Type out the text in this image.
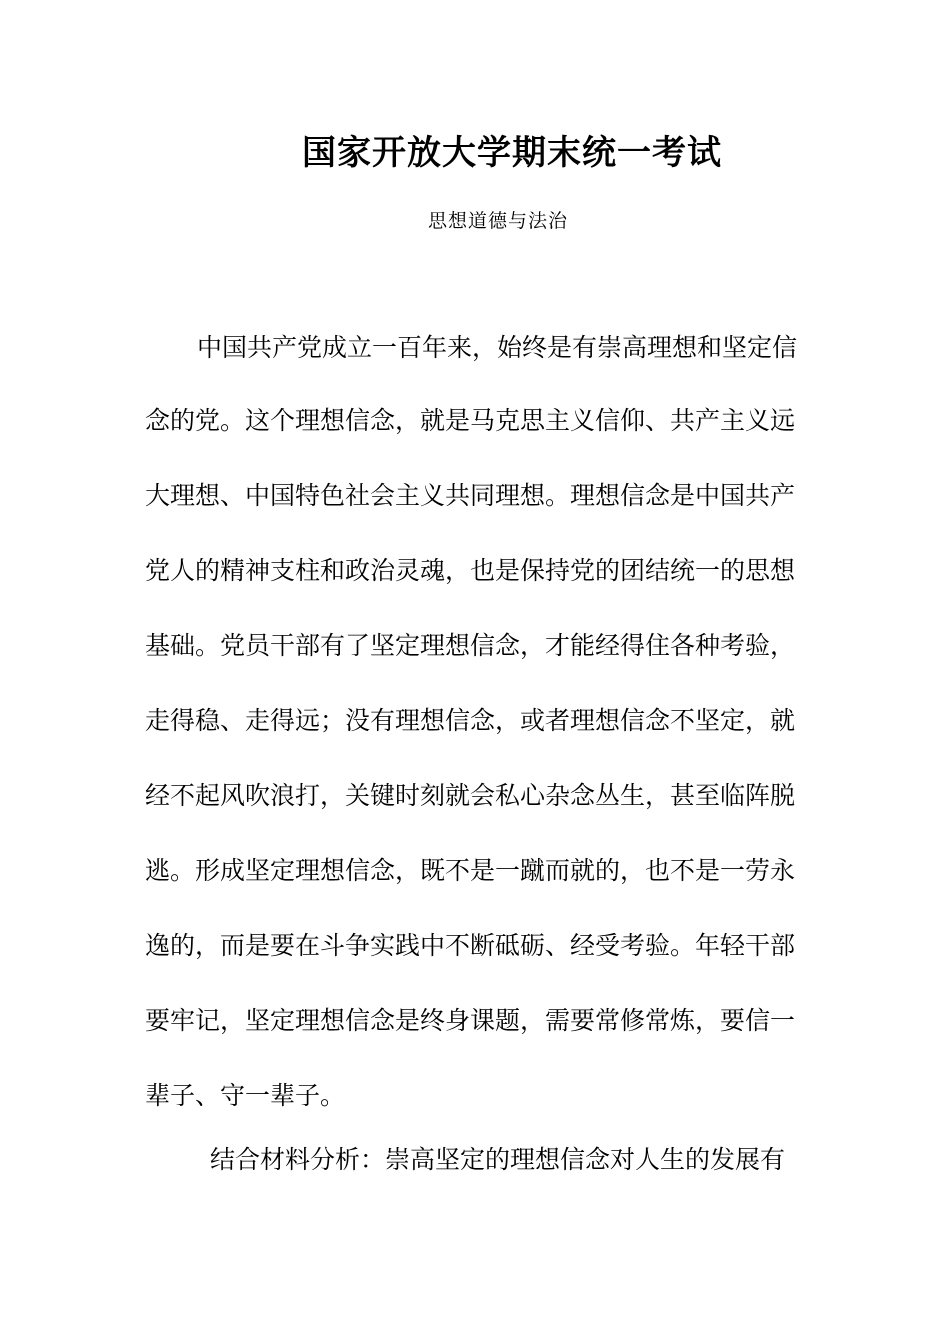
国家开放大学期末统一考试
思想道德与法治
中国共产党成立一百年来，始终是有崇高理想和坚定信
念的党。这个理想信念，就是马克思主义信仰、共产主义远
大理想、中国特色社会主义共同理想。理想信念是中国共产
党人的精神支柱和政治灵魂，也是保持党的团结统一的思想
基础。党员干部有了坚定理想信念，才能经得住各种考验，
走得稳、走得远；没有理想信念，或者理想信念不坚定，就
经不起风吹浪打，关键时刻就会私心杂念丛生，甚至临阵脱
逃。形成坚定理想信念，既不是一蹴而就的，也不是一劳永
逸的，而是要在斗争实践中不断砥砺、经受考验。年轻干部
要牢记，坚定理想信念是终身课题，需要常修常炼，要信一
辈子、守一辈子。
结合材料分析：崇高坚定的理想信念对人生的发展有
